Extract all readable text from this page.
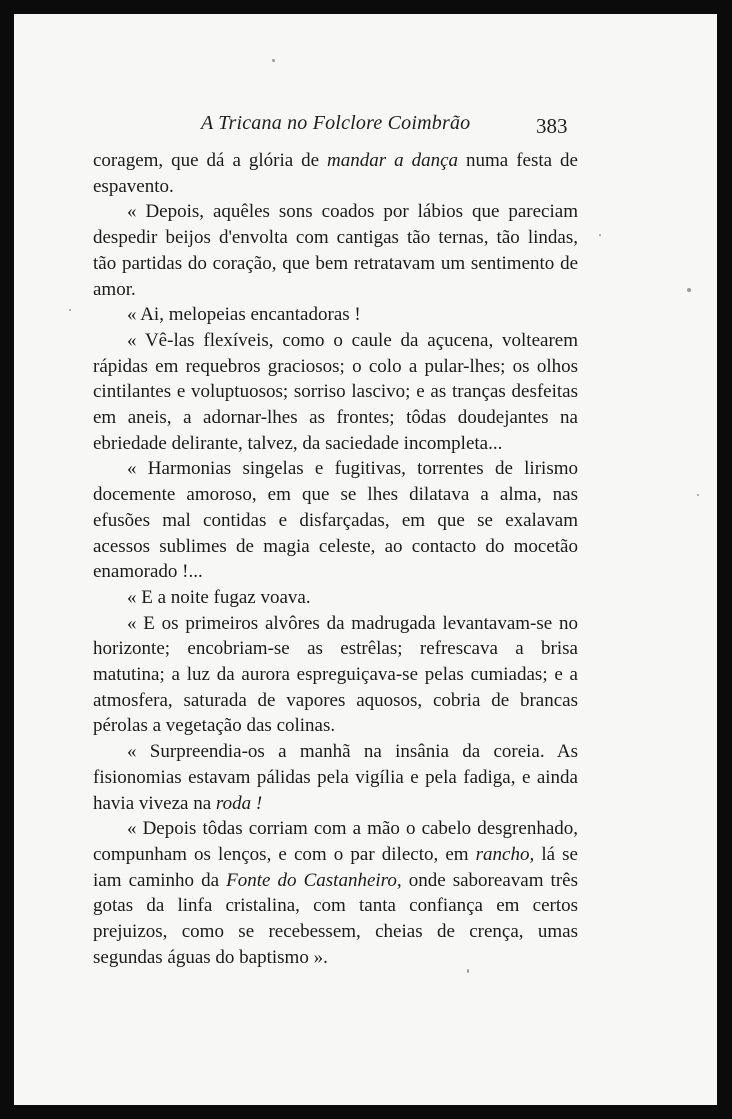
A Tricana no Folclore Coimbrão	383

coragem, que dá a glória de mandar a dança numa festa de espavento.

« Depois, aquêles sons coados por lábios que pareciam despedir beijos d'envolta com cantigas tão ternas, tão lindas, tão partidas do coração, que bem retratavam um sentimento de amor.

« Ai, melopeias encantadoras !

« Vê-las flexíveis, como o caule da açucena, voltearem rápidas em requebros graciosos; o colo a pular-lhes; os olhos cintilantes e voluptuosos; sorriso lascivo; e as tranças desfeitas em aneis, a adornar-lhes as frontes; tôdas doudejantes na ebriedade delirante, talvez, da saciedade incompleta...

« Harmonias singelas e fugitivas, torrentes de lirismo docemente amoroso, em que se lhes dilatava a alma, nas efusões mal contidas e disfarçadas, em que se exalavam acessos sublimes de magia celeste, ao contacto do mocetão enamorado !...

« E a noite fugaz voava.

« E os primeiros alvôres da madrugada levantavam-se no horizonte; encobriam-se as estrêlas; refrescava a brisa matutina; a luz da aurora espreguiçava-se pelas cumiadas; e a atmosfera, saturada de vapores aquosos, cobria de brancas pérolas a vegetação das colinas.

« Surpreendia-os a manhã na insânia da coreia. As fisionomias estavam pálidas pela vigília e pela fadiga, e ainda havia viveza na roda !

« Depois tôdas corriam com a mão o cabelo desgrenhado, compunham os lenços, e com o par dilecto, em rancho, lá se iam caminho da Fonte do Castanheiro, onde saboreavam três gotas da linfa cristalina, com tanta confiança em certos prejuizos, como se recebessem, cheias de crença, umas segundas águas do baptismo ».
